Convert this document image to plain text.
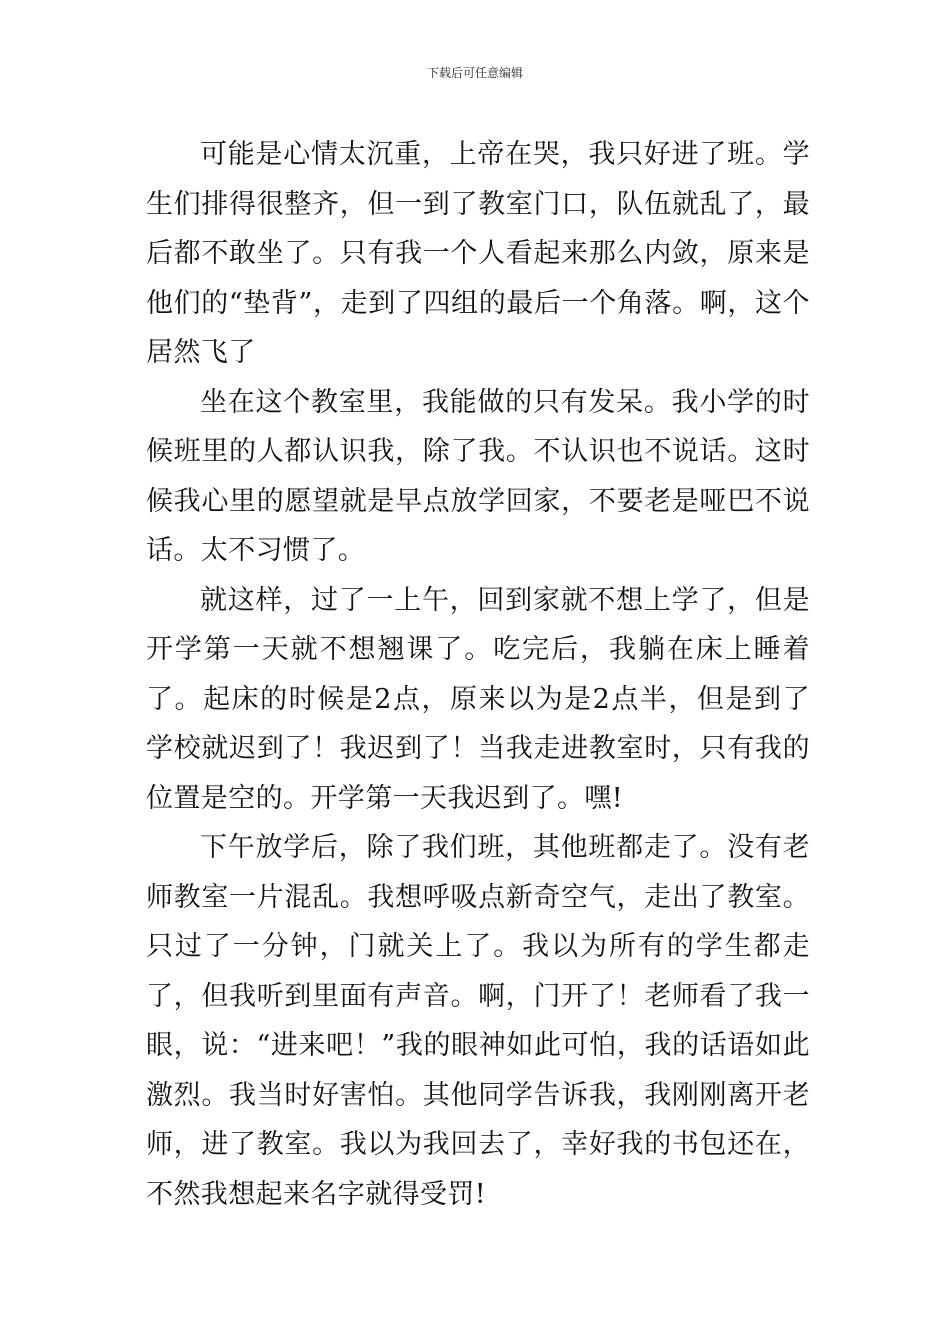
下载后可任意编辑

可能是心情太沉重，上帝在哭，我只好进了班。学生们排得很整齐，但一到了教室门口，队伍就乱了，最后都不敢坐了。只有我一个人看起来那么内敛，原来是他们的“垫背”，走到了四组的最后一个角落。啊，这个居然飞了

坐在这个教室里，我能做的只有发呆。我小学的时候班里的人都认识我，除了我。不认识也不说话。这时候我心里的愿望就是早点放学回家，不要老是哑巴不说话。太不习惯了。

就这样，过了一上午，回到家就不想上学了，但是开学第一天就不想翘课了。吃完后，我躺在床上睡着了。起床的时候是2点，原来以为是2点半，但是到了学校就迟到了！我迟到了！当我走进教室时，只有我的位置是空的。开学第一天我迟到了。嘿!

下午放学后，除了我们班，其他班都走了。没有老师教室一片混乱。我想呼吸点新奇空气，走出了教室。只过了一分钟，门就关上了。我以为所有的学生都走了，但我听到里面有声音。啊，门开了！老师看了我一眼，说：“进来吧！”我的眼神如此可怕，我的话语如此激烈。我当时好害怕。其他同学告诉我，我刚刚离开老师，进了教室。我以为我回去了，幸好我的书包还在，不然我想起来名字就得受罚!
